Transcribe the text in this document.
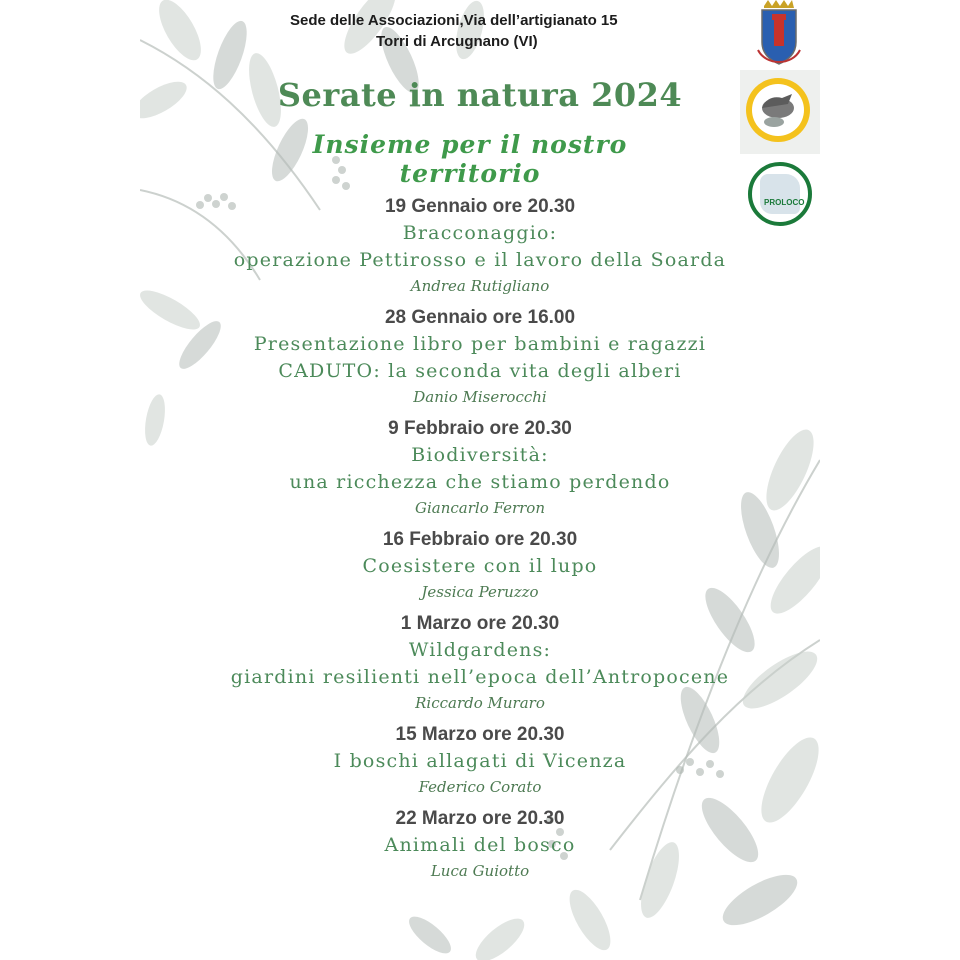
Sede delle Associazioni,Via dell’artigianato 15
Torri di Arcugnano (VI)
Serate in natura 2024
Insieme per il nostro territorio
19 Gennaio ore 20.30
Bracconaggio:
operazione Pettirosso e il lavoro della Soarda
Andrea Rutigliano
28 Gennaio ore 16.00
Presentazione libro per bambini e ragazzi
CADUTO: la seconda vita degli alberi
Danio Miserocchi
9 Febbraio ore 20.30
Biodiversità:
una ricchezza che stiamo perdendo
Giancarlo Ferron
16 Febbraio ore 20.30
Coesistere con il lupo
Jessica Peruzzo
1 Marzo ore 20.30
Wildgardens:
giardini resilienti nell’epoca dell’Antropocene
Riccardo Muraro
15 Marzo ore 20.30
I boschi allagati di Vicenza
Federico Corato
22 Marzo ore 20.30
Animali del bosco
Luca Guiotto
PROLOCO
